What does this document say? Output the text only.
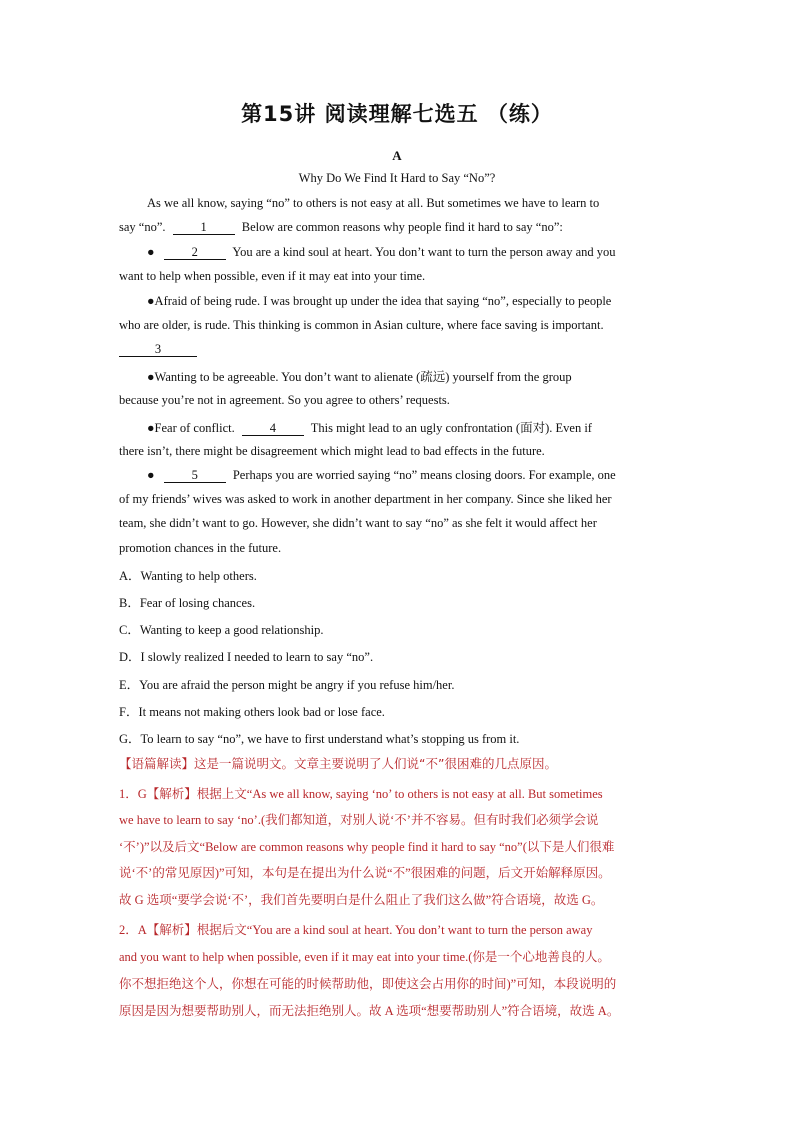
第15讲 阅读理解七选五 （练）
A
Why Do We Find It Hard to Say “No”?
As we all know, saying “no” to others is not easy at all. But sometimes we have to learn to
say “no”.	1	Below are common reasons why people find it hard to say “no”:
●	2	You are a kind soul at heart. You don’t want to turn the person away and you
want to help when possible, even if it may eat into your time.
●Afraid of being rude. I was brought up under the idea that saying “no”, especially to people
who are older, is rude. This thinking is common in Asian culture, where face saving is important.
3
●Wanting to be agreeable. You don’t want to alienate (疏远) yourself from the group
because you’re not in agreement. So you agree to others’ requests.
●Fear of conflict.	4	This might lead to an ugly confrontation (面对). Even if
there isn’t, there might be disagreement which might lead to bad effects in the future.
●	5	Perhaps you are worried saying “no” means closing doors. For example, one
of my friends’ wives was asked to work in another department in her company. Since she liked her
team, she didn’t want to go. However, she didn’t want to say “no” as she felt it would affect her
promotion chances in the future.
A．Wanting to help others.
B．Fear of losing chances.
C．Wanting to keep a good relationship.
D．I slowly realized I needed to learn to say “no”.
E．You are afraid the person might be angry if you refuse him/her.
F．It means not making others look bad or lose face.
G．To learn to say “no”, we have to first understand what’s stopping us from it.
【语篇解读】这是一篇说明文。文章主要说明了人们说“不”很困难的几点原因。
1．G【解析】根据上文“As we all know, saying ‘no’ to others is not easy at all. But sometimes
we have to learn to say ‘no’.(我们都知道，对别人说‘不’并不容易。但有时我们必须学会说
‘不’)”以及后文“Below are common reasons why people find it hard to say “no”(以下是人们很难
说‘不’的常见原因)”可知，本句是在提出为什么说“不”很困难的问题，后文开始解释原因。
故 G 选项“要学会说‘不’，我们首先要明白是什么阻止了我们这么做”符合语境，故选 G。
2．A【解析】根据后文“You are a kind soul at heart. You don’t want to turn the person away
and you want to help when possible, even if it may eat into your time.(你是一个心地善良的人。
你不想拒绝这个人，你想在可能的时候帮助他，即使这会占用你的时间)”可知，本段说明的
原因是因为想要帮助别人，而无法拒绝别人。故 A 选项“想要帮助别人”符合语境，故选 A。
